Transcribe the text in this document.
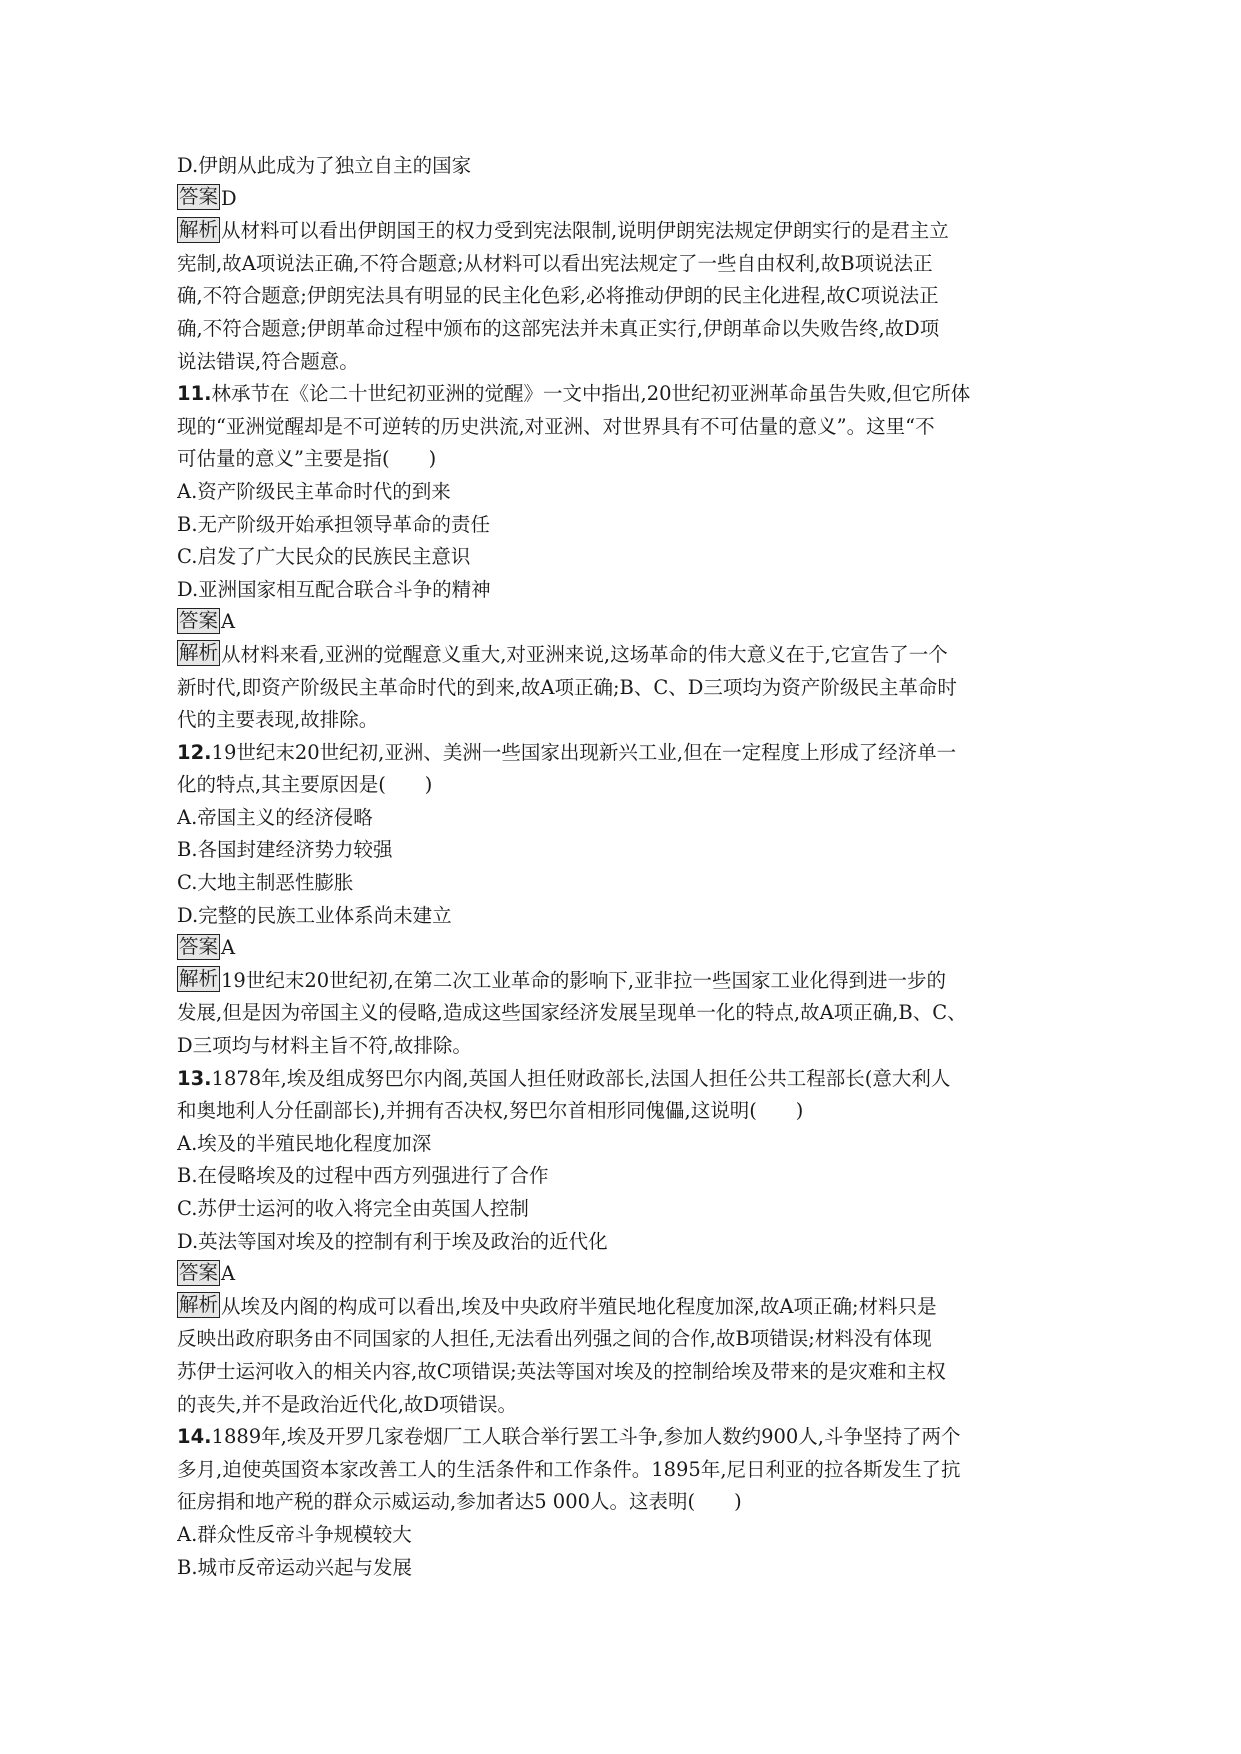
D.伊朗从此成为了独立自主的国家
答案 D
解析 从材料可以看出伊朗国王的权力受到宪法限制,说明伊朗宪法规定伊朗实行的是君主立
宪制,故A项说法正确,不符合题意;从材料可以看出宪法规定了一些自由权利,故B项说法正
确,不符合题意;伊朗宪法具有明显的民主化色彩,必将推动伊朗的民主化进程,故C项说法正
确,不符合题意;伊朗革命过程中颁布的这部宪法并未真正实行,伊朗革命以失败告终,故D项
说法错误,符合题意。
11.林承节在《论二十世纪初亚洲的觉醒》一文中指出,20世纪初亚洲革命虽告失败,但它所体
现的“亚洲觉醒却是不可逆转的历史洪流,对亚洲、对世界具有不可估量的意义”。这里“不
可估量的意义”主要是指(　　)
A.资产阶级民主革命时代的到来
B.无产阶级开始承担领导革命的责任
C.启发了广大民众的民族民主意识
D.亚洲国家相互配合联合斗争的精神
答案 A
解析 从材料来看,亚洲的觉醒意义重大,对亚洲来说,这场革命的伟大意义在于,它宣告了一个
新时代,即资产阶级民主革命时代的到来,故A项正确;B、C、D三项均为资产阶级民主革命时
代的主要表现,故排除。
12.19世纪末20世纪初,亚洲、美洲一些国家出现新兴工业,但在一定程度上形成了经济单一
化的特点,其主要原因是(　　)
A.帝国主义的经济侵略
B.各国封建经济势力较强
C.大地主制恶性膨胀
D.完整的民族工业体系尚未建立
答案 A
解析 19世纪末20世纪初,在第二次工业革命的影响下,亚非拉一些国家工业化得到进一步的
发展,但是因为帝国主义的侵略,造成这些国家经济发展呈现单一化的特点,故A项正确,B、C、
D三项均与材料主旨不符,故排除。
13.1878年,埃及组成努巴尔内阁,英国人担任财政部长,法国人担任公共工程部长(意大利人
和奥地利人分任副部长),并拥有否决权,努巴尔首相形同傀儡,这说明(　　)
A.埃及的半殖民地化程度加深
B.在侵略埃及的过程中西方列强进行了合作
C.苏伊士运河的收入将完全由英国人控制
D.英法等国对埃及的控制有利于埃及政治的近代化
答案 A
解析 从埃及内阁的构成可以看出,埃及中央政府半殖民地化程度加深,故A项正确;材料只是
反映出政府职务由不同国家的人担任,无法看出列强之间的合作,故B项错误;材料没有体现
苏伊士运河收入的相关内容,故C项错误;英法等国对埃及的控制给埃及带来的是灾难和主权
的丧失,并不是政治近代化,故D项错误。
14.1889年,埃及开罗几家卷烟厂工人联合举行罢工斗争,参加人数约900人,斗争坚持了两个
多月,迫使英国资本家改善工人的生活条件和工作条件。1895年,尼日利亚的拉各斯发生了抗
征房捐和地产税的群众示威运动,参加者达5 000人。这表明(　　)
A.群众性反帝斗争规模较大
B.城市反帝运动兴起与发展
